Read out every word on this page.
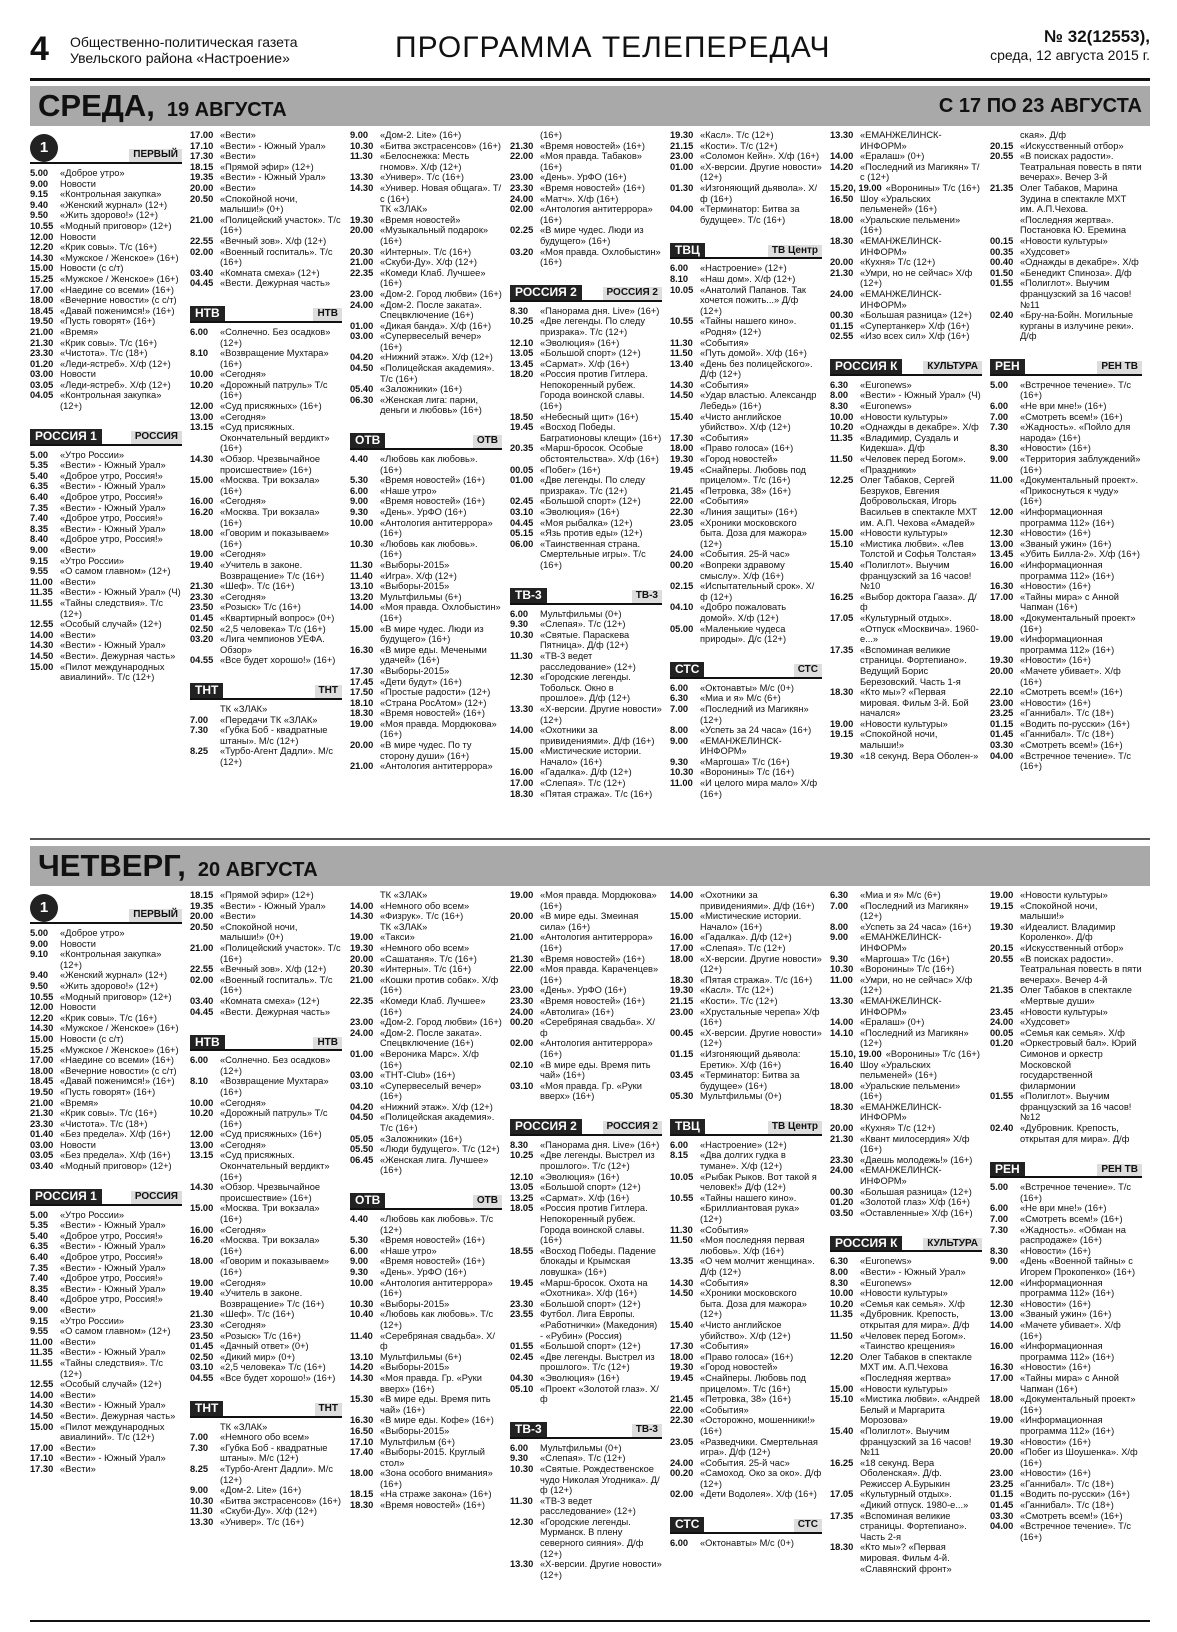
4 Общественно-политическая газета
Увельского района «Настроение»	ПРОГРАММА ТЕЛЕПЕРЕДАЧ	№ 32(12553),
среда, 12 августа 2015 г.
СРЕДА, 19 АВГУСТА	С 17 ПО 23 АВГУСТА
1	ПЕРВЫЙ
5.00	«Доброе утро»
9.00	Новости
9.15	«Контрольная закупка»
9.40	«Женский журнал» (12+)
9.50	«Жить здорово!» (12+)
10.55 «Модный приговор» (12+)
12.00 Новости
12.20 «Крик совы». Т/с (16+)
14.30 «Мужское / Женское» (16+)
15.00 Новости (с с/т)
15.25 «Мужское / Женское» (16+)
17.00 «Наедине со всеми» (16+)
18.00 «Вечерние новости» (с с/т)
18.45 «Давай поженимся!» (16+)
19.50 «Пусть говорят» (16+)
21.00 «Время»
21.30 «Крик совы». Т/с (16+)
23.30 «Чистота». Т/с (18+)
01.20 «Леди-ястреб». Х/ф (12+)
03.00 Новости
03.05 «Леди-ястреб». Х/ф (12+)
04.05 «Контрольная закупка» (12+)
РОССИЯ 1	РОССИЯ
5.00	«Утро России»
5.35	«Вести» - Южный Урал»
5.40	«Доброе утро, Россия!»
6.35	«Вести» - Южный Урал»
6.40	«Доброе утро, Россия!»
7.35	«Вести» - Южный Урал»
7.40	«Доброе утро, Россия!»
8.35	«Вести» - Южный Урал»
8.40	«Доброе утро, Россия!»
9.00	«Вести»
9.15	«Утро России»
9.55	«О самом главном» (12+)
11.00 «Вести»
11.35 «Вести» - Южный Урал» (Ч)
11.55 «Тайны следствия». Т/с (12+)
12.55 «Особый случай» (12+)
14.00 «Вести»
14.30 «Вести» - Южный Урал»
14.50 «Вести». Дежурная часть»
15.00 «Пилот международных авиалиний». Т/с (12+)
17.00 «Вести»
17.10 «Вести» - Южный Урал»
17.30 «Вести»
18.15 «Прямой эфир» (12+)
19.35 «Вести» - Южный Урал»
20.00 «Вести»
20.50 «Спокойной ночи, малыши!» (0+)
21.00 «Полицейский участок». Т/с (16+)
22.55 «Вечный зов». Х/ф (12+)
02.00 «Военный госпиталь». Т/с (16+)
03.40 «Комната смеха» (12+)
04.45 «Вести. Дежурная часть»
НТВ	НТВ
6.00	«Солнечно. Без осадков» (12+)
8.10	«Возвращение Мухтара» (16+)
10.00 «Сегодня»
10.20 «Дорожный патруль» Т/с (16+)
12.00 «Суд присяжных» (16+)
13.00 «Сегодня»
13.15 «Суд присяжных. Окончательный вердикт» (16+)
14.30 «Обзор. Чрезвычайное происшествие» (16+)
15.00 «Москва. Три вокзала» (16+)
16.00 «Сегодня»
16.20 «Москва. Три вокзала» (16+)
18.00 «Говорим и показываем» (16+)
19.00 «Сегодня»
19.40 «Учитель в законе. Возвращение» Т/с (16+)
21.30 «Шеф». Т/с (16+)
23.30 «Сегодня»
23.50 «Розыск» Т/с (16+)
01.45 «Квартирный вопрос» (0+)
02.50 «2,5 человека» Т/с (16+)
03.20 «Лига чемпионов УЕФА. Обзор»
04.55 «Все будет хорошо!» (16+)
ТНТ	ТНТ
ТК «ЗЛАК»
7.00	«Передачи ТК «ЗЛАК»
7.30	«Губка Боб - квадратные штаны». М/с (12+)
8.25	«Турбо-Агент Дадли». М/с (12+)
9.00	«Дом-2. Lite» (16+)
10.30 «Битва экстрасенсов» (16+)
11.30 «Белоснежка: Месть гномов». Х/ф (12+)
13.30 «Универ». Т/с (16+)
14.30 «Универ. Новая общага». Т/с (16+)
ТК «ЗЛАК»
19.30 «Время новостей»
20.00 «Музыкальный подарок» (16+)
20.30 «Интерны». Т/с (16+)
21.00 «Скуби-Ду». Х/ф (12+)
22.35 «Комеди Клаб. Лучшее» (16+)
23.00 «Дом-2. Город любви» (16+)
24.00 «Дом-2. После заката». Спецвключение (16+)
01.00 «Дикая банда». Х/ф (16+)
03.00 «Супервеселый вечер» (16+)
04.20 «Нижний этаж». Х/ф (12+)
04.50 «Полицейская академия». Т/с (16+)
05.40 «Заложники» (16+)
06.30 «Женская лига: парни, деньги и любовь» (16+)
ОТВ	ОТВ
4.40	«Любовь как любовь». (16+)
5.30	«Время новостей» (16+)
6.00	«Наше утро»
9.00	«Время новостей» (16+)
9.30	«День». УрФО (16+)
10.00 «Антология антитеррора» (16+)
10.30 «Любовь как любовь». (16+)
11.30 «Выборы-2015»
11.40 «Игра». Х/ф (12+)
13.10 «Выборы-2015»
13.20 Мультфильмы (6+)
14.00 «Моя правда. Охлобыстин» (16+)
15.00 «В мире чудес. Люди из будущего» (16+)
16.30 «В мире еды. Мечеными удачей» (16+)
17.30 «Выборы-2015»
17.45 «Дети будут» (16+)
17.50 «Простые радости» (12+)
18.10 «Страна РосАтом» (12+)
18.30 «Время новостей» (16+)
19.00 «Моя правда. Мордюкова» (16+)
20.00 «В мире чудес. По ту сторону души» (16+)
21.00 «Антология антитеррора»
(16+)
21.30 «Время новостей» (16+)
22.00 «Моя правда. Табаков» (16+)
23.00 «День». УрФО (16+)
23.30 «Время новостей» (16+)
24.00 «Матч». Х/ф (16+)
02.00 «Антология антитеррора» (16+)
02.25 «В мире чудес. Люди из будущего» (16+)
03.20 «Моя правда. Охлобыстин» (16+)
РОССИЯ 2	РОССИЯ 2
8.30	«Панорама дня. Live» (16+)
10.25 «Две легенды. По следу призрака». Т/с (12+)
12.10 «Эволюция» (16+)
13.05 «Большой спорт» (12+)
13.45 «Сармат». Х/ф (16+)
18.20 «Россия против Гитлера. Непокоренный рубеж. Города воинской славы. (16+)
18.50 «Небесный щит» (16+)
19.45 «Восход Победы. Багратионовы клещи» (16+)
20.35 «Марш-бросок. Особые обстоятельства». Х/ф (16+)
00.05 «Побег» (16+)
01.00 «Две легенды. По следу призрака». Т/с (12+)
02.45 «Большой спорт» (12+)
03.10 «Эволюция» (16+)
04.45 «Моя рыбалка» (12+)
05.15 «Язь против еды» (12+)
06.00 «Таинственная страна. Смертельные игры». Т/с (16+)
ТВ-3	ТВ-3
6.00	Мультфильмы (0+)
9.30	«Слепая». Т/с (12+)
10.30 «Святые. Параскева Пятница». Д/ф (12+)
11.30 «ТВ-3 ведет расследование» (12+)
12.30 «Городские легенды. Тобольск. Окно в прошлое». Д/ф (12+)
13.30 «Х-версии. Другие новости» (12+)
14.00 «Охотники за привидениями». Д/ф (16+)
15.00 «Мистические истории. Начало» (16+)
16.00 «Гадалка». Д/ф (12+)
17.00 «Слепая». Т/с (12+)
18.30 «Пятая стража». Т/с (16+)
19.30 «Касл». Т/с (12+)
21.15 «Кости». Т/с (12+)
23.00 «Соломон Кейн». Х/ф (16+)
01.00 «Х-версии. Другие новости» (12+)
01.30 «Изгоняющий дьявола». Х/ф (16+)
04.00 «Терминатор: Битва за будущее». Т/с (16+)
ТВЦ	ТВ Центр
6.00	«Настроение» (12+)
8.10	«Наш дом». Х/ф (12+)
10.05 «Анатолий Папанов. Так хочется пожить...» Д/ф (12+)
10.55 «Тайны нашего кино». «Родня» (12+)
11.30 «События»
11.50 «Путь домой». Х/ф (16+)
13.40 «День без полицейского». Д/ф (12+)
14.30 «События»
14.50 «Удар властью. Александр Лебедь» (16+)
15.40 «Чисто английское убийство». Х/ф (12+)
17.30 «События»
18.00 «Право голоса» (16+)
19.30 «Город новостей»
19.45 «Снайперы. Любовь под прицелом». Т/с (16+)
21.45 «Петровка, 38» (16+)
22.00 «События»
22.30 «Линия защиты» (16+)
23.05 «Хроники московского быта. Доза для мажора» (12+)
24.00 «События. 25-й час»
00.20 «Вопреки здравому смыслу». Х/ф (16+)
02.15 «Испытательный срок». Х/ф (12+)
04.10 «Добро пожаловать домой». Х/ф (12+)
05.00 «Маленькие чудеса природы». Д/с (12+)
СТС	СТС
6.00	«Октонавты» М/с (0+)
6.30	«Миа и я» М/с (6+)
7.00	«Последний из Магикян» (12+)
8.00	«Успеть за 24 часа» (16+)
9.00	«ЕМАНЖЕЛИНСК-ИНФОРМ»
9.30	«Маргоша» Т/с (16+)
10.30 «Воронины» Т/с (16+)
11.00 «И целого мира мало» Х/ф (16+)
13.30 «ЕМАНЖЕЛИНСК-ИНФОРМ»
14.00 «Ералаш» (0+)
14.20 «Последний из Магикян» Т/с (12+)
15.20, 19.00 «Воронины» Т/с (16+)
16.50 Шоу «Уральских пельменей» (16+)
18.00 «Уральские пельмени» (16+)
18.30 «ЕМАНЖЕЛИНСК-ИНФОРМ»
20.00 «Кухня» Т/с (12+)
21.30 «Умри, но не сейчас» Х/ф (12+)
24.00 «ЕМАНЖЕЛИНСК-ИНФОРМ»
00.30 «Большая разница» (12+)
01.15 «Супертанкер» Х/ф (16+)
02.55 «Изо всех сил» Х/ф (16+)
РОССИЯ К	КУЛЬТУРА
6.30	«Euronews»
8.00	«Вести» - Южный Урал» (Ч)
8.30	«Euronews»
10.00 «Новости культуры»
10.20 «Однажды в декабре». Х/ф
11.35 «Владимир, Суздаль и Кидекша». Д/ф
11.50 «Человек перед Богом». «Праздники»
12.25 Олег Табаков, Сергей Безруков, Евгения Добровольская, Игорь Васильев в спектакле МХТ им. А.П. Чехова «Амадей»
15.00 «Новости культуры»
15.10 «Мистика любви». «Лев Толстой и Софья Толстая»
15.40 «Полиглот». Выучим французский за 16 часов! №10
16.25 «Выбор доктора Гааза». Д/ф
17.05 «Культурный отдых». «Отпуск «Москвича». 1960-е...»
17.35 «Вспоминая великие страницы. Фортепиано». Ведущий Борис Березовский. Часть 1-я
18.30 «Кто мы»? «Первая мировая. Фильм 3-й. Бой начался»
19.00 «Новости культуры»
19.15 «Спокойной ночи, малыши!»
19.30 «18 секунд. Вера Оболен-»
ская». Д/ф
20.15 «Искусственный отбор»
20.55 «В поисках радости». Театральная повесть в пяти вечерах». Вечер 3-й
21.35 Олег Табаков, Марина Зудина в спектакле МХТ им. А.П.Чехова. «Последняя жертва». Постановка Ю. Еремина
00.15 «Новости культуры»
00.35 «Худсовет»
00.40 «Однажды в декабре». Х/ф
01.50 «Бенедикт Спиноза». Д/ф
01.55 «Полиглот». Выучим французский за 16 часов! №11
02.40 «Бру-на-Бойн. Могильные курганы в излучине реки». Д/ф
РЕН	РЕН ТВ
5.00	«Встречное течение». Т/с (16+)
6.00	«Не ври мне!» (16+)
7.00	«Смотреть всем!» (16+)
7.30	«Жадность». «Пойло для народа» (16+)
8.30	«Новости» (16+)
9.00	«Территория заблуждений» (16+)
11.00 «Документальный проект». «Прикоснуться к чуду» (16+)
12.00 «Информационная программа 112» (16+)
12.30 «Новости» (16+)
13.00 «Званый ужин» (16+)
13.45 «Убить Билла-2». Х/ф (16+)
16.00 «Информационная программа 112» (16+)
16.30 «Новости» (16+)
17.00 «Тайны мира» с Анной Чапман (16+)
18.00 «Документальный проект» (16+)
19.00 «Информационная программа 112» (16+)
19.30 «Новости» (16+)
20.00 «Мачете убивает». Х/ф (16+)
22.10 «Смотреть всем!» (16+)
23.00 «Новости» (16+)
23.25 «Ганнибал». Т/с (18+)
01.15 «Водить по-русски» (16+)
01.45 «Ганнибал». Т/с (18+)
03.30 «Смотреть всем!» (16+)
04.00 «Встречное течение». Т/с (16+)
ЧЕТВЕРГ, 20 АВГУСТА
1	ПЕРВЫЙ
5.00	«Доброе утро»
9.00	Новости
9.10	«Контрольная закупка» (12+)
9.40	«Женский журнал» (12+)
9.50	«Жить здорово!» (12+)
10.55 «Модный приговор» (12+)
12.00 Новости
12.20 «Крик совы». Т/с (16+)
14.30 «Мужское / Женское» (16+)
15.00 Новости (с с/т)
15.25 «Мужское / Женское» (16+)
17.00 «Наедине со всеми» (16+)
18.00 «Вечерние новости» (с с/т)
18.45 «Давай поженимся!» (16+)
19.50 «Пусть говорят» (16+)
21.00 «Время»
21.30 «Крик совы». Т/с (16+)
23.30 «Чистота». Т/с (18+)
01.40 «Без предела». Х/ф (16+)
03.00 Новости
03.05 «Без предела». Х/ф (16+)
03.40 «Модный приговор» (12+)
РОССИЯ 1	РОССИЯ
5.00	«Утро России»
5.35	«Вести» - Южный Урал»
5.40	«Доброе утро, Россия!»
6.35	«Вести» - Южный Урал»
6.40	«Доброе утро, Россия!»
7.35	«Вести» - Южный Урал»
7.40	«Доброе утро, Россия!»
8.35	«Вести» - Южный Урал»
8.40	«Доброе утро, Россия!»
9.00	«Вести»
9.15	«Утро России»
9.55	«О самом главном» (12+)
11.00 «Вести»
11.35 «Вести» - Южный Урал»
11.55 «Тайны следствия». Т/с (12+)
12.55 «Особый случай» (12+)
14.00 «Вести»
14.30 «Вести» - Южный Урал»
14.50 «Вести». Дежурная часть»
15.00 «Пилот международных авиалиний». Т/с (12+)
17.00 «Вести»
17.10 «Вести» - Южный Урал»
17.30 «Вести»
18.15 «Прямой эфир» (12+)
19.35 «Вести» - Южный Урал»
20.00 «Вести»
20.50 «Спокойной ночи, малыши!» (0+)
21.00 «Полицейский участок». Т/с (16+)
22.55 «Вечный зов». Х/ф (12+)
02.00 «Военный госпиталь». Т/с (16+)
03.40 «Комната смеха» (12+)
04.45 «Вести. Дежурная часть»
НТВ	НТВ
6.00	«Солнечно. Без осадков» (12+)
8.10	«Возвращение Мухтара» (16+)
10.00 «Сегодня»
10.20 «Дорожный патруль» Т/с (16+)
12.00 «Суд присяжных» (16+)
13.00 «Сегодня»
13.15 «Суд присяжных. Окончательный вердикт» (16+)
14.30 «Обзор. Чрезвычайное происшествие» (16+)
15.00 «Москва. Три вокзала» (16+)
16.00 «Сегодня»
16.20 «Москва. Три вокзала» (16+)
18.00 «Говорим и показываем» (16+)
19.00 «Сегодня»
19.40 «Учитель в законе. Возвращение» Т/с (16+)
21.30 «Шеф». Т/с (16+)
23.30 «Сегодня»
23.50 «Розыск» Т/с (16+)
01.45 «Дачный ответ» (0+)
02.50 «Дикий мир» (0+)
03.10 «2,5 человека» Т/с (16+)
04.55 «Все будет хорошо!» (16+)
ТНТ	ТНТ
ТК «ЗЛАК»
7.00	«Немного обо всем»
7.30	«Губка Боб - квадратные штаны». М/с (12+)
8.25	«Турбо-Агент Дадли». М/с (12+)
9.00	«Дом-2. Lite» (16+)
10.30 «Битва экстрасенсов» (16+)
11.30 «Скуби-Ду». Х/ф (12+)
13.30 «Универ». Т/с (16+)
ТК «ЗЛАК»
14.00 «Немного обо всем»
14.30 «Физрук». Т/с (16+)
ТК «ЗЛАК»
19.00 «Такси»
19.30 «Немного обо всем»
20.00 «Сашатаня». Т/с (16+)
20.30 «Интерны». Т/с (16+)
21.00 «Кошки против собак». Х/ф (16+)
22.35 «Комеди Клаб. Лучшее» (16+)
23.00 «Дом-2. Город любви» (16+)
24.00 «Дом-2. После заката». Спецвключение (16+)
01.00 «Вероника Марс». Х/ф (16+)
03.00 «ТНТ-Club» (16+)
03.10 «Супервеселый вечер» (16+)
04.20 «Нижний этаж». Х/ф (12+)
04.50 «Полицейская академия». Т/с (16+)
05.05 «Заложники» (16+)
05.50 «Люди будущего». Т/с (12+)
06.45 «Женская лига. Лучшее» (16+)
ОТВ	ОТВ
4.40	«Любовь как любовь». Т/с (12+)
5.30	«Время новостей» (16+)
6.00	«Наше утро»
9.00	«Время новостей» (16+)
9.30	«День». УрФО (16+)
10.00 «Антология антитеррора» (16+)
10.30 «Выборы-2015»
10.40 «Любовь как любовь». Т/с (12+)
11.40 «Серебряная свадьба». Х/ф
13.10 Мультфильмы (6+)
14.20 «Выборы-2015»
14.30 «Моя правда. Гр. «Руки вверх» (16+)
15.30 «В мире еды. Время пить чай» (16+)
16.30 «В мире еды. Кофе» (16+)
16.50 «Выборы-2015»
17.10 Мультфильм (6+)
17.40 «Выборы-2015. Круглый стол»
18.00 «Зона особого внимания» (16+)
18.15 «На страже закона» (16+)
18.30 «Время новостей» (16+)
19.00 «Моя правда. Мордюкова» (16+)
20.00 «В мире еды. Змеиная сила» (16+)
21.00 «Антология антитеррора» (16+)
21.30 «Время новостей» (16+)
22.00 «Моя правда. Караченцев» (16+)
23.00 «День». УрФО (16+)
23.30 «Время новостей» (16+)
24.00 «Автолига» (16+)
00.20 «Серебряная свадьба». Х/ф
02.00 «Антология антитеррора» (16+)
02.10 «В мире еды. Время пить чай» (16+)
03.10 «Моя правда. Гр. «Руки вверх» (16+)
РОССИЯ 2	РОССИЯ 2
8.30	«Панорама дня. Live» (16+)
10.25 «Две легенды. Выстрел из прошлого». Т/с (12+)
12.10 «Эволюция» (16+)
13.05 «Большой спорт» (12+)
13.25 «Сармат». Х/ф (16+)
18.05 «Россия против Гитлера. Непокоренный рубеж. Города воинской славы. (16+)
18.55 «Восход Победы. Падение блокады и Крымская ловушка» (16+)
19.45 «Марш-бросок. Охота на «Охотника». Х/ф (16+)
23.30 «Большой спорт» (12+)
23.55 Футбол. Лига Европы. «Работнички» (Македония) - «Рубин» (Россия)
01.55 «Большой спорт» (12+)
02.45 «Две легенды. Выстрел из прошлого». Т/с (12+)
04.30 «Эволюция» (16+)
05.10 «Проект «Золотой глаз». Х/ф
ТВ-3	ТВ-3
6.00	Мультфильмы (0+)
9.30	«Слепая». Т/с (12+)
10.30 «Святые. Рождественское чудо Николая Угодника». Д/ф (12+)
11.30 «ТВ-3 ведет расследование» (12+)
12.30 «Городские легенды. Мурманск. В плену северного сияния». Д/ф (12+)
13.30 «Х-версии. Другие новости» (12+)
14.00 «Охотники за привидениями». Д/ф (16+)
15.00 «Мистические истории. Начало» (16+)
16.00 «Гадалка». Д/ф (12+)
17.00 «Слепая». Т/с (12+)
18.00 «Х-версии. Другие новости» (12+)
18.30 «Пятая стража». Т/с (16+)
19.30 «Касл». Т/с (12+)
21.15 «Кости». Т/с (12+)
23.00 «Хрустальные черепа» Х/ф (16+)
00.45 «Х-версии. Другие новости» (12+)
01.15 «Изгоняющий дьявола: Еретик». Х/ф (16+)
03.45 «Терминатор: Битва за будущее» (16+)
05.30 Мультфильмы (0+)
ТВЦ	ТВ Центр
6.00	«Настроение» (12+)
8.15	«Два долгих гудка в тумане». Х/ф (12+)
10.05 «Рыбак Рыков. Вот такой я человек!» Д/ф (12+)
10.55 «Тайны нашего кино». «Бриллиантовая рука» (12+)
11.30 «События»
11.50 «Моя последняя первая любовь». Х/ф (16+)
13.35 «О чем молчит женщина». Д/ф (12+)
14.30 «События»
14.50 «Хроники московского быта. Доза для мажора» (12+)
15.40 «Чисто английское убийство». Х/ф (12+)
17.30 «События»
18.00 «Право голоса» (16+)
19.30 «Город новостей»
19.45 «Снайперы. Любовь под прицелом». Т/с (16+)
21.45 «Петровка, 38» (16+)
22.00 «События»
22.30 «Осторожно, мошенники!» (16+)
23.05 «Разведчики. Смертельная игра». Д/ф (12+)
24.00 «События. 25-й час»
00.20 «Самоход. Око за око». Д/ф (12+)
02.00 «Дети Водолея». Х/ф (16+)
СТС	СТС
6.00	«Октонавты» М/с (0+)
6.30	«Миа и я» М/с (6+)
7.00	«Последний из Магикян» (12+)
8.00	«Успеть за 24 часа» (16+)
9.00	«ЕМАНЖЕЛИНСК-ИНФОРМ»
9.30	«Маргоша» Т/с (16+)
10.30 «Воронины» Т/с (16+)
11.00 «Умри, но не сейчас» Х/ф (12+)
13.30 «ЕМАНЖЕЛИНСК-ИНФОРМ»
14.00 «Ералаш» (0+)
14.10 «Последний из Магикян» (12+)
15.10, 19.00 «Воронины» Т/с (16+)
16.40 Шоу «Уральских пельменей» (16+)
18.00 «Уральские пельмени» (16+)
18.30 «ЕМАНЖЕЛИНСК-ИНФОРМ»
20.00 «Кухня» Т/с (12+)
21.30 «Квант милосердия» Х/ф (16+)
23.30 «Даешь молодежь!» (16+)
24.00 «ЕМАНЖЕЛИНСК-ИНФОРМ»
00.30 «Большая разница» (12+)
01.20 «Золотой глаз» Х/ф (16+)
03.50 «Оставленные» Х/ф (16+)
РОССИЯ К	КУЛЬТУРА
6.30	«Euronews»
8.00	«Вести» - Южный Урал»
8.30	«Euronews»
10.00 «Новости культуры»
10.20 «Семья как семья». Х/ф
11.35 «Дубровник. Крепость, открытая для мира». Д/ф
11.50 «Человек перед Богом». «Таинство крещения»
12.20 Олег Табаков в спектакле МХТ им. А.П.Чехова «Последняя жертва»
15.00 «Новости культуры»
15.10 «Мистика любви». «Андрей Белый и Маргарита Морозова»
15.40 «Полиглот». Выучим французский за 16 часов! №11
16.25 «18 секунд. Вера Оболенская». Д/ф. Режиссер А.Бурыкин
17.05 «Культурный отдых». «Дикий отпуск. 1980-е...»
17.35 «Вспоминая великие страницы. Фортепиано». Часть 2-я
18.30 «Кто мы»? «Первая мировая. Фильм 4-й. «Славянский фронт»
19.00 «Новости культуры»
19.15 «Спокойной ночи, малыши!»
19.30 «Идеалист. Владимир Короленко». Д/ф
20.15 «Искусственный отбор»
20.55 «В поисках радости». Театральная повесть в пяти вечерах». Вечер 4-й
21.35 Олег Табаков в спектакле «Мертвые души»
23.45 «Новости культуры»
24.00 «Худсовет»
00.05 «Семья как семья». Х/ф
01.20 «Оркестровый бал». Юрий Симонов и оркестр Московской государственной филармонии
01.55 «Полиглот». Выучим французский за 16 часов! №12
02.40 «Дубровник. Крепость, открытая для мира». Д/ф
РЕН	РЕН ТВ
5.00	«Встречное течение». Т/с (16+)
6.00	«Не ври мне!» (16+)
7.00	«Смотреть всем!» (16+)
7.30	«Жадность». «Обман на распродаже» (16+)
8.30	«Новости» (16+)
9.00	«День «Военной тайны» с Игорем Прокопенко» (16+)
12.00 «Информационная программа 112» (16+)
12.30 «Новости» (16+)
13.00 «Званый ужин» (16+)
14.00 «Мачете убивает». Х/ф (16+)
16.00 «Информационная программа 112» (16+)
16.30 «Новости» (16+)
17.00 «Тайны мира» с Анной Чапман (16+)
18.00 «Документальный проект» (16+)
19.00 «Информационная программа 112» (16+)
19.30 «Новости» (16+)
20.00 «Побег из Шоушенка». Х/ф (16+)
23.00 «Новости» (16+)
23.25 «Ганнибал». Т/с (18+)
01.15 «Водить по-русски» (16+)
01.45 «Ганнибал». Т/с (18+)
03.30 «Смотреть всем!» (16+)
04.00 «Встречное течение». Т/с (16+)
